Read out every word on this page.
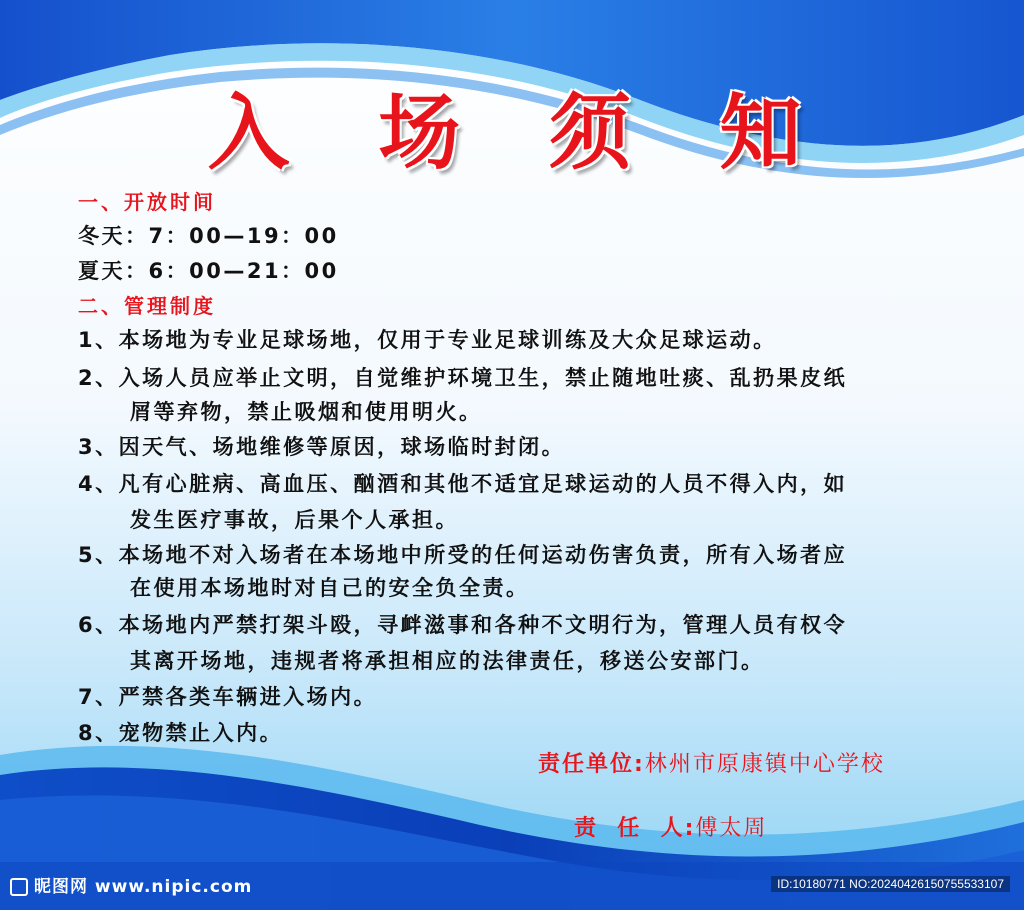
入 场 须 知
一、开放时间
冬天：7：00—19：00
夏天：6：00—21：00
二、管理制度
1、本场地为专业足球场地，仅用于专业足球训练及大众足球运动。
2、入场人员应举止文明，自觉维护环境卫生，禁止随地吐痰、乱扔果皮纸
屑等弃物，禁止吸烟和使用明火。
3、因天气、场地维修等原因，球场临时封闭。
4、凡有心脏病、高血压、酗酒和其他不适宜足球运动的人员不得入内，如
发生医疗事故，后果个人承担。
5、本场地不对入场者在本场地中所受的任何运动伤害负责，所有入场者应
在使用本场地时对自己的安全负全责。
6、本场地内严禁打架斗殴，寻衅滋事和各种不文明行为，管理人员有权令
其离开场地，违规者将承担相应的法律责任，移送公安部门。
7、严禁各类车辆进入场内。
8、宠物禁止入内。
责任单位:林州市原康镇中心学校

责  任  人:傅太周

昵图网 www.nipic.com	ID:10180771 NO:20240426150755533107
